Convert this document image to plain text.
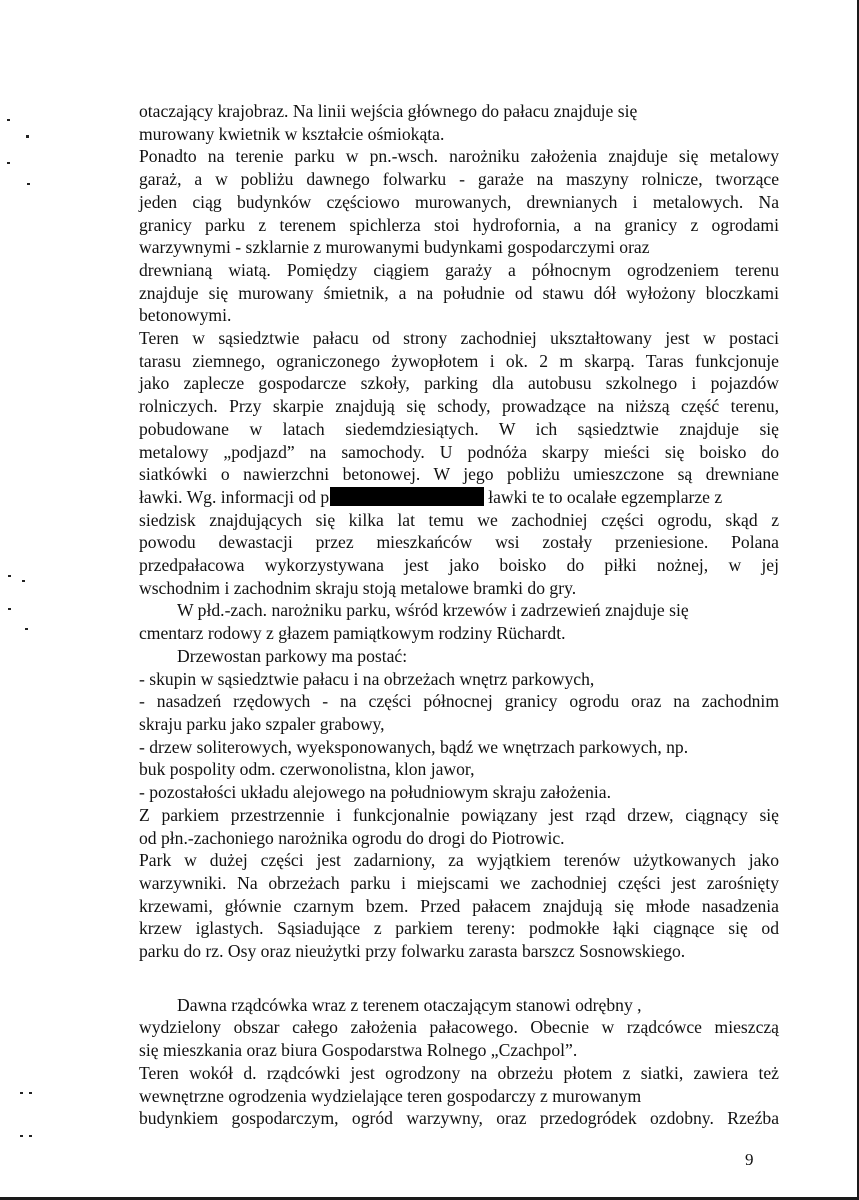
otaczający krajobraz. Na linii wejścia głównego do pałacu znajduje się
murowany kwietnik w kształcie ośmiokąta.
Ponadto na terenie parku w pn.-wsch. narożniku założenia znajduje się metalowy
garaż, a w pobliżu dawnego folwarku - garaże na maszyny rolnicze, tworzące
jeden ciąg budynków częściowo murowanych, drewnianych i metalowych. Na
granicy parku z terenem spichlerza stoi hydrofornia, a na granicy z ogrodami
warzywnymi - szklarnie z murowanymi budynkami gospodarczymi oraz
drewnianą wiatą. Pomiędzy ciągiem garaży a północnym ogrodzeniem terenu
znajduje się murowany śmietnik, a na południe od stawu dół wyłożony bloczkami
betonowymi.
Teren w sąsiedztwie pałacu od strony zachodniej ukształtowany jest w postaci
tarasu ziemnego, ograniczonego żywopłotem i ok. 2 m skarpą. Taras funkcjonuje
jako zaplecze gospodarcze szkoły, parking dla autobusu szkolnego i pojazdów
rolniczych. Przy skarpie znajdują się schody, prowadzące na niższą część terenu,
pobudowane w latach siedemdziesiątych. W ich sąsiedztwie znajduje się
metalowy „podjazd” na samochody. U podnóża skarpy mieści się boisko do
siatkówki o nawierzchni betonowej. W jego pobliżu umieszczone są drewniane
ławki. Wg. informacji od p	ławki te to ocalałe egzemplarze z
siedzisk znajdujących się kilka lat temu we zachodniej części ogrodu, skąd z
powodu dewastacji przez mieszkańców wsi zostały przeniesione. Polana
przedpałacowa wykorzystywana jest jako boisko do piłki nożnej, w jej
wschodnim i zachodnim skraju stoją metalowe bramki do gry.
W płd.-zach. narożniku parku, wśród krzewów i zadrzewień znajduje się
cmentarz rodowy z głazem pamiątkowym rodziny Rüchardt.
Drzewostan parkowy ma postać:
- skupin w sąsiedztwie pałacu i na obrzeżach wnętrz parkowych,
- nasadzeń rzędowych - na części północnej granicy ogrodu oraz na zachodnim
skraju parku jako szpaler grabowy,
- drzew soliterowych, wyeksponowanych, bądź we wnętrzach parkowych, np.
buk pospolity odm. czerwonolistna, klon jawor,
- pozostałości układu alejowego na południowym skraju założenia.
Z parkiem przestrzennie i funkcjonalnie powiązany jest rząd drzew, ciągnący się
od płn.-zachoniego narożnika ogrodu do drogi do Piotrowic.
Park w dużej części jest zadarniony, za wyjątkiem terenów użytkowanych jako
warzywniki. Na obrzeżach parku i miejscami we zachodniej części jest zarośnięty
krzewami, głównie czarnym bzem. Przed pałacem znajdują się młode nasadzenia
krzew iglastych. Sąsiadujące z parkiem tereny: podmokłe łąki ciągnące się od
parku do rz. Osy oraz nieużytki przy folwarku zarasta barszcz Sosnowskiego.
Dawna rządcówka wraz z terenem otaczającym stanowi odrębny ,
wydzielony obszar całego założenia pałacowego. Obecnie w rządcówce mieszczą
się mieszkania oraz biura Gospodarstwa Rolnego „Czachpol”.
Teren wokół d. rządcówki jest ogrodzony na obrzeżu płotem z siatki, zawiera też
wewnętrzne ogrodzenia wydzielające teren gospodarczy z murowanym
budynkiem gospodarczym, ogród warzywny, oraz przedogródek ozdobny. Rzeźba
9
